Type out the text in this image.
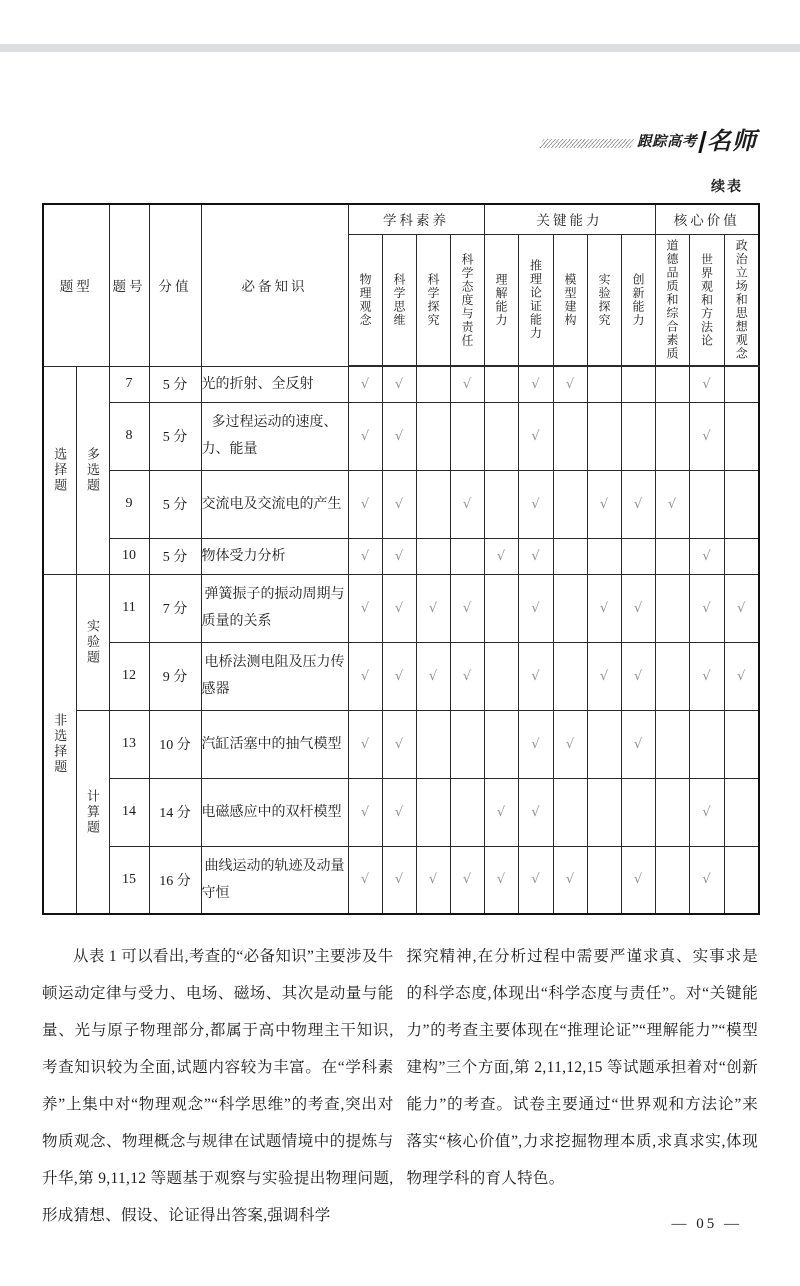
跟踪高考 名师
续表
题型		题号	分值	必备知识	学科素养				关键能力					核心价值		

					物理观念	科学思维	科学探究	科学态度与责任	理解能力	推理论证能力	模型建构	实验探究	创新能力	道德品质和综合素质	世界观和方法论	政治立场和思想观念

选择题	多选题	7	5 分	光的折射、全反射	√	√		√		√	√				√	
		8	5 分	多过程运动的速度、力、能量	√	√				√					√	
		9	5 分	交流电及交流电的产生	√	√		√		√		√	√	√		
		10	5 分	物体受力分析	√	√			√	√					√	

非选择题	实验题	11	7 分	弹簧振子的振动周期与质量的关系	√	√	√	√		√		√	√		√	√
		12	9 分	电桥法测电阻及压力传感器	√	√	√	√		√		√	√		√	√

	计算题	13	10 分	汽缸活塞中的抽气模型	√	√				√	√		√			
		14	14 分	电磁感应中的双杆模型	√	√			√	√					√	
		15	16 分	曲线运动的轨迹及动量守恒	√	√	√	√	√	√	√		√		√	

从表 1 可以看出,考查的“必备知识”主要涉及牛顿运动定律与受力、电场、磁场、其次是动量与能量、光与原子物理部分,都属于高中物理主干知识,考查知识较为全面,试题内容较为丰富。在“学科素养”上集中对“物理观念”“科学思维”的考查,突出对物质观念、物理概念与规律在试题情境中的提炼与升华,第 9,11,12 等题基于观察与实验提出物理问题,形成猜想、假设、论证得出答案,强调科学

探究精神,在分析过程中需要严谨求真、实事求是的科学态度,体现出“科学态度与责任”。对“关键能力”的考查主要体现在“推理论证”“理解能力”“模型建构”三个方面,第 2,11,12,15 等试题承担着对“创新能力”的考查。试卷主要通过“世界观和方法论”来落实“核心价值”,力求挖掘物理本质,求真求实,体现物理学科的育人特色。

— 05 —
